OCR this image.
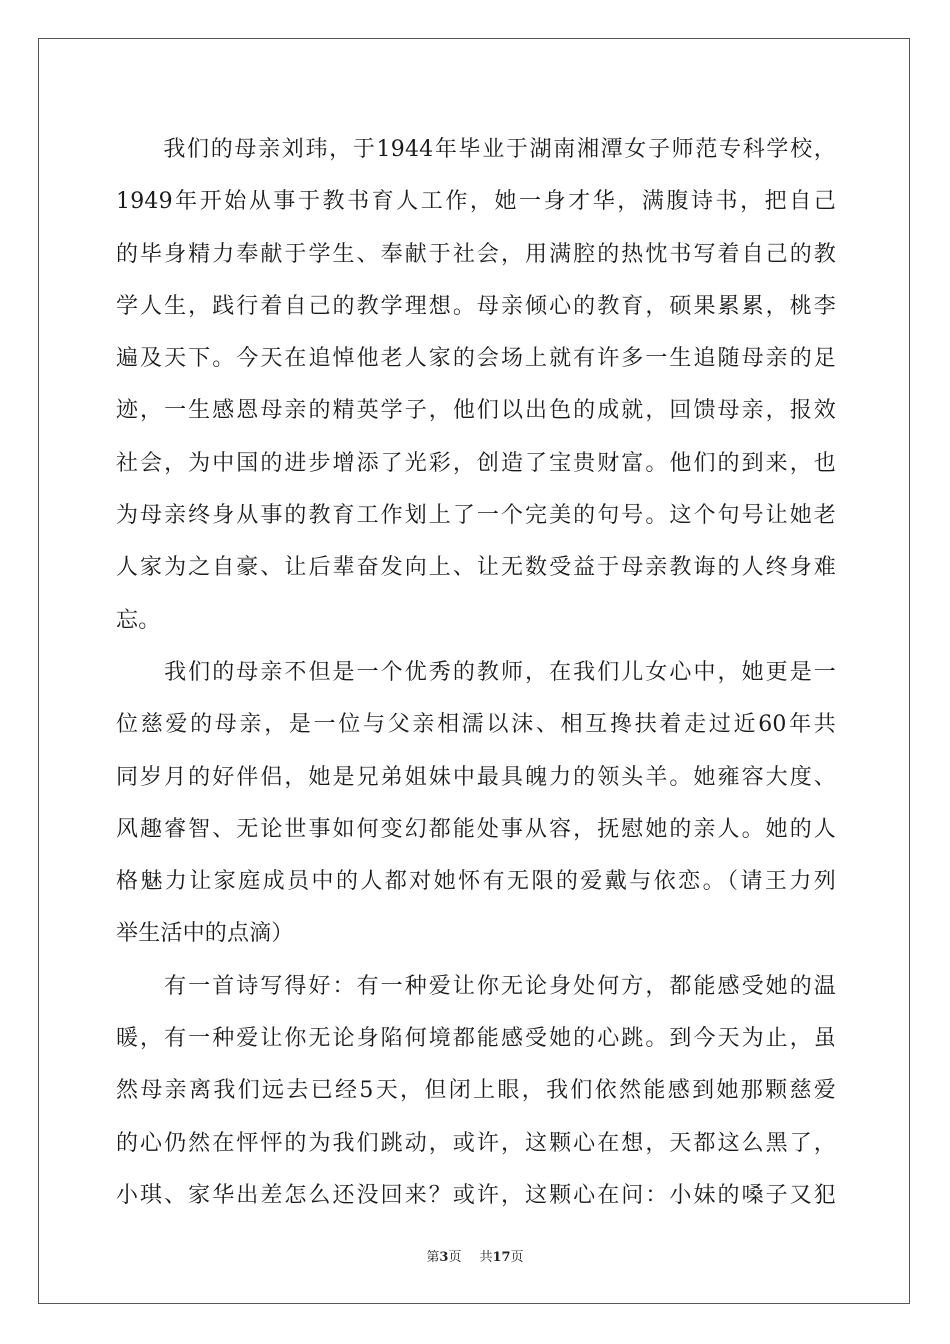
　　我们的母亲刘玮，于1944年毕业于湖南湘潭女子师范专科学校，
1949年开始从事于教书育人工作，她一身才华，满腹诗书，把自己
的毕身精力奉献于学生、奉献于社会，用满腔的热忱书写着自己的教
学人生，践行着自己的教学理想。母亲倾心的教育，硕果累累，桃李
遍及天下。今天在追悼他老人家的会场上就有许多一生追随母亲的足
迹，一生感恩母亲的精英学子，他们以出色的成就，回馈母亲，报效
社会，为中国的进步增添了光彩，创造了宝贵财富。他们的到来，也
为母亲终身从事的教育工作划上了一个完美的句号。这个句号让她老
人家为之自豪、让后辈奋发向上、让无数受益于母亲教诲的人终身难
忘。
　　我们的母亲不但是一个优秀的教师，在我们儿女心中，她更是一
位慈爱的母亲，是一位与父亲相濡以沫、相互搀扶着走过近60年共
同岁月的好伴侣，她是兄弟姐妹中最具魄力的领头羊。她雍容大度、
风趣睿智、无论世事如何变幻都能处事从容，抚慰她的亲人。她的人
格魅力让家庭成员中的人都对她怀有无限的爱戴与依恋。（请王力列
举生活中的点滴）
　　有一首诗写得好：有一种爱让你无论身处何方，都能感受她的温
暖，有一种爱让你无论身陷何境都能感受她的心跳。到今天为止，虽
然母亲离我们远去已经5天，但闭上眼，我们依然能感到她那颗慈爱
的心仍然在怦怦的为我们跳动，或许，这颗心在想，天都这么黑了，
小琪、家华出差怎么还没回来？或许，这颗心在问：小妹的嗓子又犯
第3页 共17页
